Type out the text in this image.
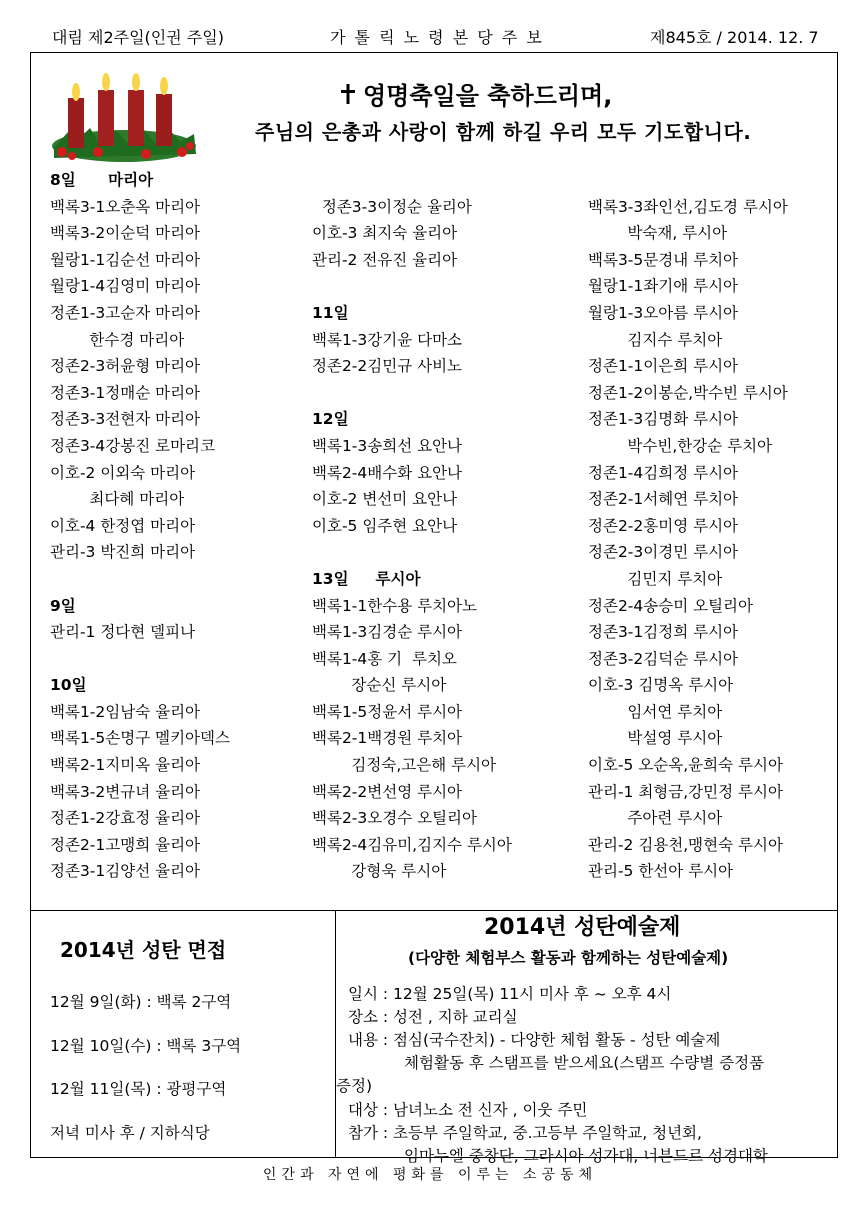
대림 제2주일(인권 주일)	가 톨 릭 노 령 본 당 주 보	제845호 / 2014. 12. 7
영명축일을 축하드리며,
주님의 은총과 사랑이 함께 하길 우리 모두 기도합니다.
8일      마리아
백록3-1오춘옥 마리아
백록3-2이순덕 마리아
월랑1-1김순선 마리아
월랑1-4김영미 마리아
정존1-3고순자 마리아
한수경 마리아
정존2-3허윤형 마리아
정존3-1정매순 마리아
정존3-3전현자 마리아
정존3-4강봉진 로마리코
이호-2 이외숙 마리아
최다혜 마리아
이호-4 한정엽 마리아
관리-3 박진희 마리아
9일
관리-1 정다현 델피나
10일
백록1-2임남숙 율리아
백록1-5손명구 멜키아덱스
백록2-1지미옥 율리아
백록3-2변규녀 율리아
정존1-2강효정 율리아
정존2-1고맹희 율리아
정존3-1김양선 율리아
정존3-3이정순 율리아
이호-3 최지숙 율리아
관리-2 전유진 율리아
11일
백록1-3강기윤 다마소
정존2-2김민규 사비노
12일
백록1-3송희선 요안나
백록2-4배수화 요안나
이호-2 변선미 요안나
이호-5 임주현 요안나
13일     루시아
백록1-1한수용 루치아노
백록1-3김경순 루시아
백록1-4홍 기  루치오
장순신 루시아
백록1-5정윤서 루시아
백록2-1백경원 루치아
김정숙,고은해 루시아
백록2-2변선영 루시아
백록2-3오경수 오틸리아
백록2-4김유미,김지수 루시아
강형욱 루시아
백록3-3좌인선,김도경 루시아
박숙재, 루시아
백록3-5문경내 루치아
월랑1-1좌기애 루시아
월랑1-3오아름 루시아
김지수 루치아
정존1-1이은희 루시아
정존1-2이봉순,박수빈 루시아
정존1-3김명화 루시아
박수빈,한강순 루치아
정존1-4김희정 루시아
정존2-1서혜연 루치아
정존2-2홍미영 루시아
정존2-3이경민 루시아
김민지 루치아
정존2-4송승미 오틸리아
정존3-1김정희 루시아
정존3-2김덕순 루시아
이호-3 김명옥 루시아
임서연 루치아
박설영 루시아
이호-5 오순옥,윤희숙 루시아
관리-1 최형금,강민정 루시아
주아련 루시아
관리-2 김용천,맹현숙 루시아
관리-5 한선아 루시아
2014년 성탄 면접
12월 9일(화) : 백록 2구역
12월 10일(수) : 백록 3구역
12월 11일(목) : 광평구역
저녁 미사 후 / 지하식당
2014년 성탄예술제
(다양한 체험부스 활동과 함께하는 성탄예술제)
일시 : 12월 25일(목) 11시 미사 후 ~ 오후 4시
장소 : 성전 , 지하 교리실
내용 : 점심(국수잔치) - 다양한 체험 활동 - 성탄 예술제
체험활동 후 스탬프를 받으세요(스탬프 수량별 증정품
증정)
대상 : 남녀노소 전 신자 , 이웃 주민
참가 : 초등부 주일학교, 중.고등부 주일학교, 청년회,
임마누엘 중창단, 그라시아 성가대, 너븐드르 성경대학
인간과 자연에 평화를 이루는 소공동체
